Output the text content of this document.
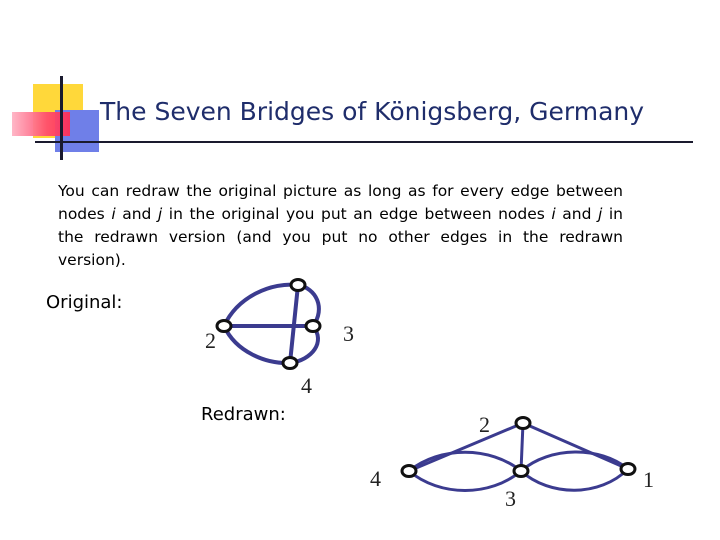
The Seven Bridges of Königsberg, Germany
You can redraw the original picture as long as for every edge between nodes i and j in the original you put an edge between nodes i and j in the redrawn version (and you put no other edges in the redrawn version).
Original:
Redrawn:
2	3
4
2
4
3
1
